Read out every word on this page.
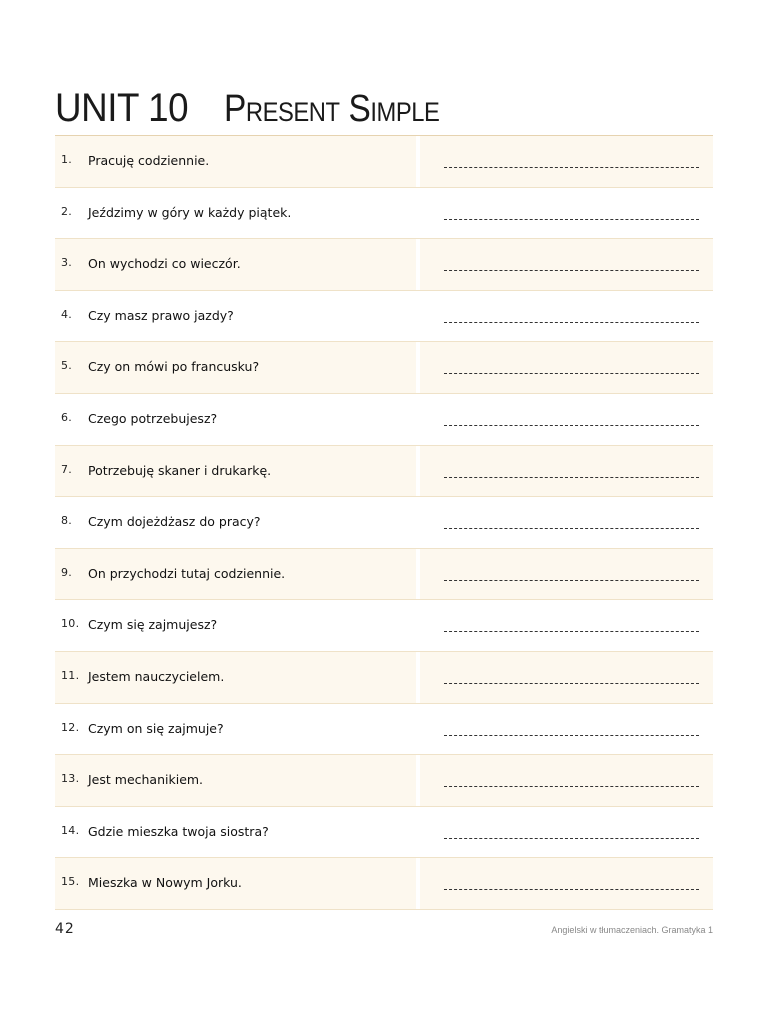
UNIT 10 Present Simple
1. Pracuję codziennie.
2. Jeździmy w góry w każdy piątek.
3. On wychodzi co wieczór.
4. Czy masz prawo jazdy?
5. Czy on mówi po francusku?
6. Czego potrzebujesz?
7. Potrzebuję skaner i drukarkę.
8. Czym dojeżdżasz do pracy?
9. On przychodzi tutaj codziennie.
10. Czym się zajmujesz?
11. Jestem nauczycielem.
12. Czym on się zajmuje?
13. Jest mechanikiem.
14. Gdzie mieszka twoja siostra?
15. Mieszka w Nowym Jorku.
42	Angielski w tłumaczeniach. Gramatyka 1
